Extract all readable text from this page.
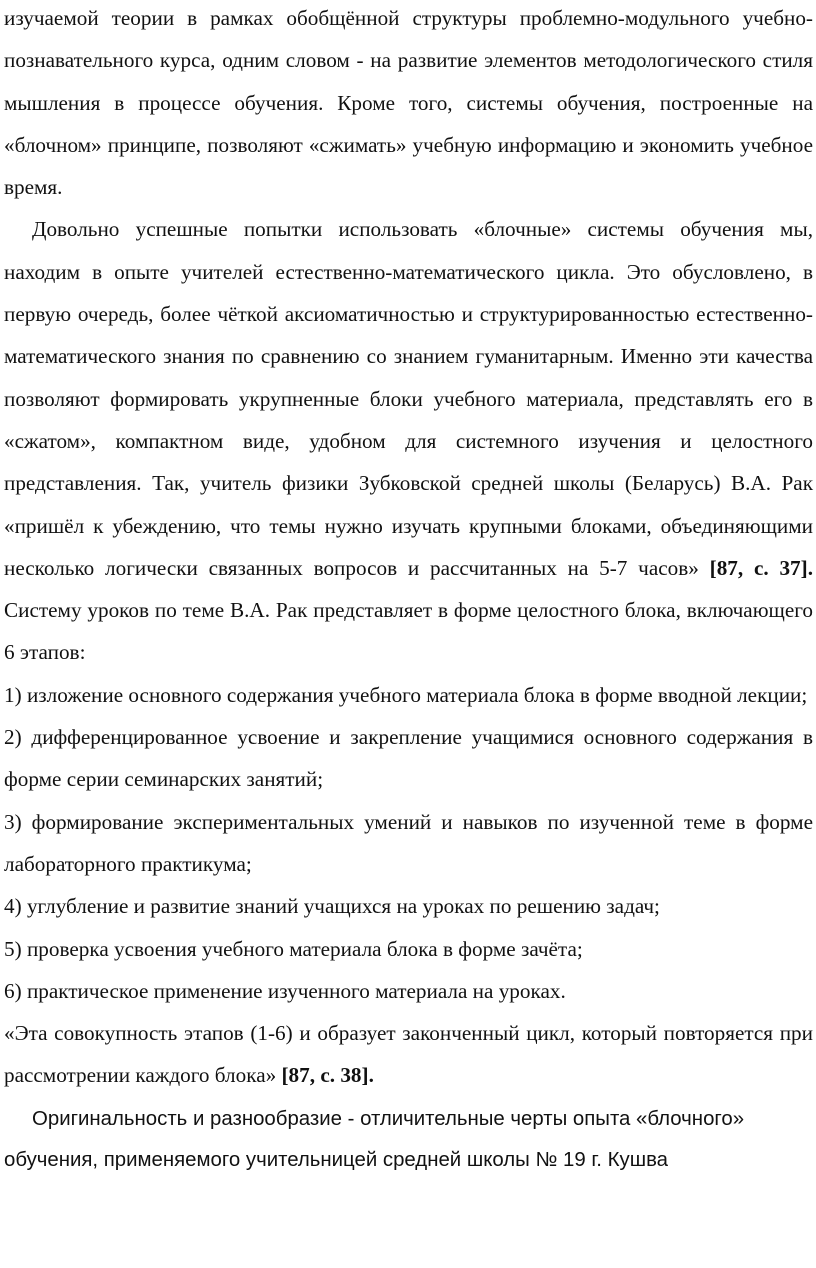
изучаемой теории в рамках обобщённой структуры проблемно-модульного учебно-познавательного курса, одним словом - на развитие элементов методологического стиля мышления в процессе обучения. Кроме того, системы обучения, построенные на «блочном» принципе, позволяют «сжимать» учебную информацию и экономить учебное время.

Довольно успешные попытки использовать «блочные» системы обучения мы, находим в опыте учителей естественно-математического цикла. Это обусловлено, в первую очередь, более чёткой аксиоматичностью и структурированностью естественно-математического знания по сравнению со знанием гуманитарным. Именно эти качества позволяют формировать укрупненные блоки учебного материала, представлять его в «сжатом», компактном виде, удобном для системного изучения и целостного представления. Так, учитель физики Зубковской средней школы (Беларусь) В.А. Рак «пришёл к убеждению, что темы нужно изучать крупными блоками, объединяющими несколько логически связанных вопросов и рассчитанных на 5-7 часов» [87, с. 37]. Систему уроков по теме В.А. Рак представляет в форме целостного блока, включающего 6 этапов:

1) изложение основного содержания учебного материала блока в форме вводной лекции;

2) дифференцированное усвоение и закрепление учащимися основного содержания в форме серии семинарских занятий;

3) формирование экспериментальных умений и навыков по изученной теме в форме лабораторного практикума;

4) углубление и развитие знаний учащихся на уроках по решению задач;

5) проверка усвоения учебного материала блока в форме зачёта;

6) практическое применение изученного материала на уроках.

«Эта совокупность этапов (1-6) и образует законченный цикл, который повторяется при рассмотрении каждого блока» [87, с. 38].

Оригинальность и разнообразие - отличительные черты опыта «блочного» обучения, применяемого учительницей средней школы № 19 г. Кушва
